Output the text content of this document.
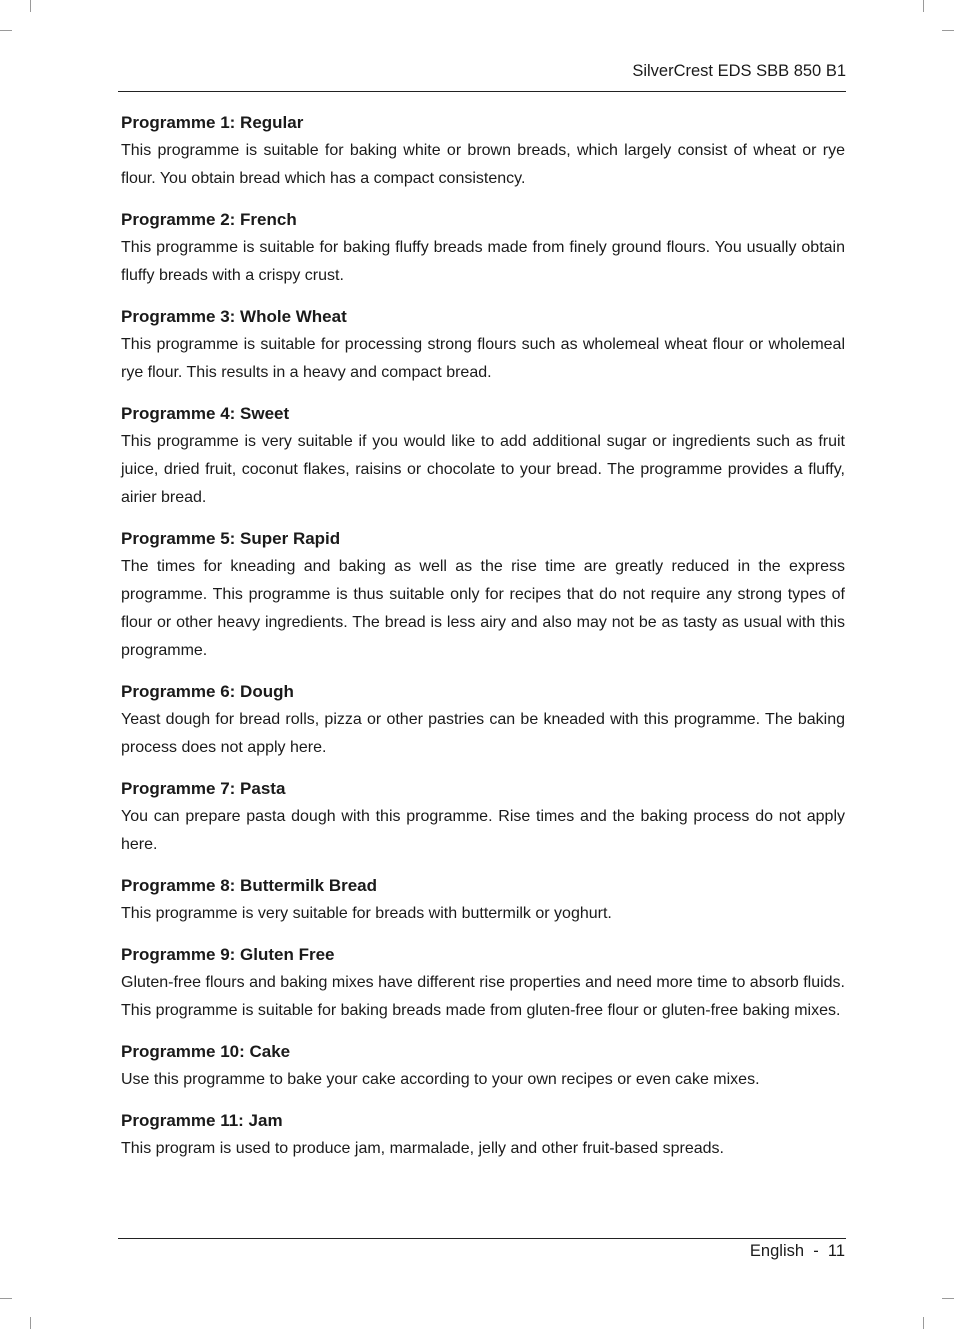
SilverCrest EDS SBB 850 B1
Programme 1: Regular

This programme is suitable for baking white or brown breads, which largely consist of wheat or rye flour. You obtain bread which has a compact consistency.

Programme 2: French

This programme is suitable for baking fluffy breads made from finely ground flours. You usually obtain fluffy breads with a crispy crust.

Programme 3: Whole Wheat

This programme is suitable for processing strong flours such as wholemeal wheat flour or wholemeal rye flour. This results in a heavy and compact bread.

Programme 4: Sweet

This programme is very suitable if you would like to add additional sugar or ingredients such as fruit juice, dried fruit, coconut flakes, raisins or chocolate to your bread. The programme provides a fluffy, airier bread.

Programme 5: Super Rapid

The times for kneading and baking as well as the rise time are greatly reduced in the express programme. This programme is thus suitable only for recipes that do not require any strong types of flour or other heavy ingredients. The bread is less airy and also may not be as tasty as usual with this programme.

Programme 6: Dough

Yeast dough for bread rolls, pizza or other pastries can be kneaded with this programme. The baking process does not apply here.

Programme 7: Pasta

You can prepare pasta dough with this programme. Rise times and the baking process do not apply here.

Programme 8: Buttermilk Bread

This programme is very suitable for breads with buttermilk or yoghurt.

Programme 9: Gluten Free

Gluten-free flours and baking mixes have different rise properties and need more time to absorb fluids. This programme is suitable for baking breads made from gluten-free flour or gluten-free baking mixes.

Programme 10: Cake

Use this programme to bake your cake according to your own recipes or even cake mixes.

Programme 11: Jam

This program is used to produce jam, marmalade, jelly and other fruit-based spreads.

English  -  11
